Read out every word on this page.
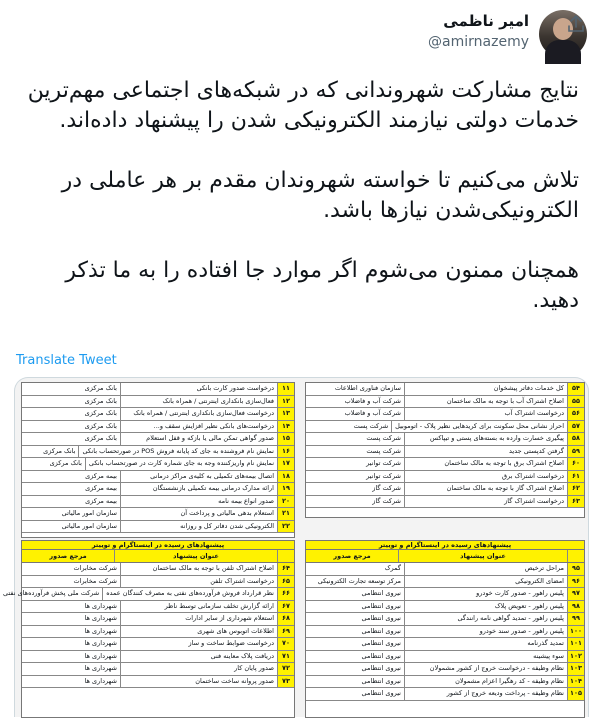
امیر ناظمی
@amirnazemy

نتایج مشارکت شهروندانی که در شبکه‌های اجتماعی مهم‌ترین خدمات دولتی نیازمند الکترونیکی شدن را پیشنهاد داده‌اند.

تلاش می‌کنیم تا خواسته شهروندان مقدم بر هر عاملی در الکترونیکی‌شدن نیازها باشد.

همچنان ممنون می‌شوم اگر موارد جا افتاده را به ما تذکر دهید.

Translate Tweet
۱۱
درخواست صدور کارت بانکی
بانک مرکزی
۱۲
فعال‌سازی بانکداری اینترنتی / همراه بانک
بانک مرکزی
۱۳
درخواست فعال‌سازی بانکداری اینترنتی / همراه بانک
بانک مرکزی
۱۴
درخواست‌های بانکی نظیر افزایش سقف و...
بانک مرکزی
۱۵
صدور گواهی تمکن مالی یا بازکه و قفل استعلام
بانک مرکزی
۱۶
نمایش نام فروشنده به جای کد پایانه فروش POS در صورتحساب بانکی
بانک مرکزی
۱۷
نمایش نام واریزکننده وجه به جای شماره کارت در صورتحساب بانکی
بانک مرکزی
۱۸
اتصال بیمه‌های تکمیلی به کلیه‌ی مراکز درمانی
بیمه مرکزی
۱۹
ارائه مدارک درمانی بیمه تکمیلی بازنشستگان
بیمه مرکزی
۲۰
صدور انواع بیمه نامه
بیمه مرکزی
۲۱
استعلام بدهی مالیاتی و پرداخت آن
سازمان امور مالیاتی
۲۲
الکترونیکی شدن دفاتر کل و روزانه
سازمان امور مالیاتی
۵۴
کل خدمات دفاتر پیشخوان
سازمان فناوری اطلاعات
۵۵
اصلاح اشتراک آب با توجه به مالک ساختمان
شرکت آب و فاضلاب
۵۶
درخواست اشتراک آب
شرکت آب و فاضلاب
۵۷
احراز نشانی محل سکونت برای کریدهایی نظیر پلاک - اتوموبیل
شرکت پست
۵۸
پیگیری خسارت وارده به بسته‌های پستی و تیپاکس
شرکت پست
۵۹
گرفتن کدپستی جدید
شرکت پست
۶۰
اصلاح اشتراک برق با توجه به مالک ساختمان
شرکت توانیر
۶۱
درخواست اشتراک برق
شرکت توانیر
۶۲
اصلاح اشتراک گاز با توجه به مالک ساختمان
شرکت گاز
۶۳
درخواست اشتراک گاز
شرکت گاز
پیشنهادهای رسیده در اینستاگرام و توییتر
عنوان پیشنهاد
مرجع صدور
۶۴
اصلاح اشتراک تلفن با توجه به مالک ساختمان
شرکت مخابرات
۶۵
درخواست اشتراک تلفن
شرکت مخابرات
۶۶
نظر قرارداد فروش فرآورده‌های نفتی به مصرف کنندگان عمده
شرکت ملی پخش فرآورده‌های نفتی
۶۷
ارائه گزارش تخلف سازمانی توسط ناظر
شهرداری ها
۶۸
استعلام شهرداری از سایر ادارات
شهرداری ها
۶۹
اطلاعات اتوبوس های شهری
شهرداری ها
۷۰
درخواست ضوابط ساخت و ساز
شهرداری ها
۷۱
دریافت پلاک معاینه فنی
شهرداری ها
۷۲
صدور پایان کار
شهرداری ها
۷۳
صدور پروانه ساخت ساختمان
شهرداری ها
پیشنهادهای رسیده در اینستاگرام و توییتر
عنوان پیشنهاد
مرجع صدور
۹۵
مراحل ترخیص
گمرک
۹۶
امضای الکترونیکی
مرکز توسعه تجارت الکترونیکی
۹۷
پلیس راهور - صدور کارت خودرو
نیروی انتظامی
۹۸
پلیس راهور - تعویض پلاک
نیروی انتظامی
۹۹
پلیس راهور - تمدید گواهی نامه رانندگی
نیروی انتظامی
۱۰۰
پلیس راهور - صدور سند خودرو
نیروی انتظامی
۱۰۱
تمدید گذرنامه
نیروی انتظامی
۱۰۲
سوء پیشینه
نیروی انتظامی
۱۰۳
نظام وظیفه - درخواست خروج از کشور مشمولان
نیروی انتظامی
۱۰۴
نظام وظیفه - کد رهگیرا اعزام مشمولان
نیروی انتظامی
۱۰۵
نظام وظیفه - پرداخت ودیعه خروج از کشور
نیروی انتظامی
